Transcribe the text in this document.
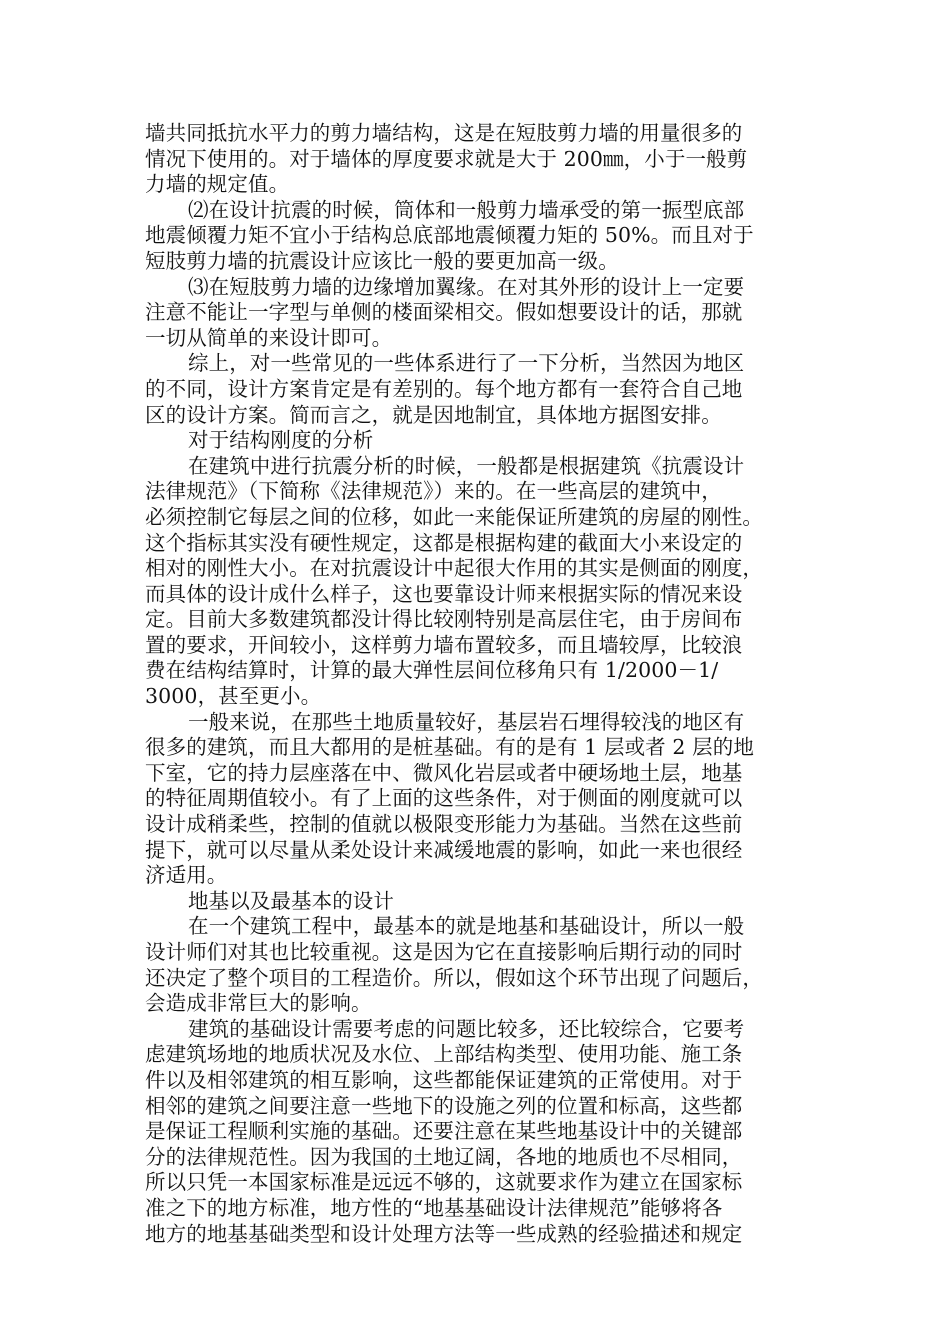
墙共同抵抗水平力的剪力墙结构，这是在短肢剪力墙的用量很多的
情况下使用的。对于墙体的厚度要求就是大于 200㎜，小于一般剪
力墙的规定值。
⑵在设计抗震的时候，筒体和一般剪力墙承受的第一振型底部
地震倾覆力矩不宜小于结构总底部地震倾覆力矩的 50%。而且对于
短肢剪力墙的抗震设计应该比一般的要更加高一级。
⑶在短肢剪力墙的边缘增加翼缘。在对其外形的设计上一定要
注意不能让一字型与单侧的楼面梁相交。假如想要设计的话，那就
一切从简单的来设计即可。
综上，对一些常见的一些体系进行了一下分析，当然因为地区
的不同，设计方案肯定是有差别的。每个地方都有一套符合自己地
区的设计方案。简而言之，就是因地制宜，具体地方据图安排。
对于结构刚度的分析
在建筑中进行抗震分析的时候，一般都是根据建筑《抗震设计
法律规范》（下简称《法律规范》）来的。在一些高层的建筑中，
必须控制它每层之间的位移，如此一来能保证所建筑的房屋的刚性。
这个指标其实没有硬性规定，这都是根据构建的截面大小来设定的
相对的刚性大小。在对抗震设计中起很大作用的其实是侧面的刚度，
而具体的设计成什么样子，这也要靠设计师来根据实际的情况来设
定。目前大多数建筑都没计得比较刚特别是高层住宅，由于房间布
置的要求，开间较小，这样剪力墙布置较多，而且墙较厚，比较浪
费在结构结算时，计算的最大弹性层间位移角只有 1/2000－1/
3000，甚至更小。
一般来说，在那些土地质量较好，基层岩石埋得较浅的地区有
很多的建筑，而且大都用的是桩基础。有的是有 1 层或者 2 层的地
下室，它的持力层座落在中、微风化岩层或者中硬场地土层，地基
的特征周期值较小。有了上面的这些条件，对于侧面的刚度就可以
设计成稍柔些，控制的值就以极限变形能力为基础。当然在这些前
提下，就可以尽量从柔处设计来减缓地震的影响，如此一来也很经
济适用。
地基以及最基本的设计
在一个建筑工程中，最基本的就是地基和基础设计，所以一般
设计师们对其也比较重视。这是因为它在直接影响后期行动的同时
还决定了整个项目的工程造价。所以，假如这个环节出现了问题后，
会造成非常巨大的影响。
建筑的基础设计需要考虑的问题比较多，还比较综合，它要考
虑建筑场地的地质状况及水位、上部结构类型、使用功能、施工条
件以及相邻建筑的相互影响，这些都能保证建筑的正常使用。对于
相邻的建筑之间要注意一些地下的设施之列的位置和标高，这些都
是保证工程顺利实施的基础。还要注意在某些地基设计中的关键部
分的法律规范性。因为我国的土地辽阔，各地的地质也不尽相同，
所以只凭一本国家标准是远远不够的，这就要求作为建立在国家标
准之下的地方标准，地方性的“地基基础设计法律规范”能够将各
地方的地基基础类型和设计处理方法等一些成熟的经验描述和规定
